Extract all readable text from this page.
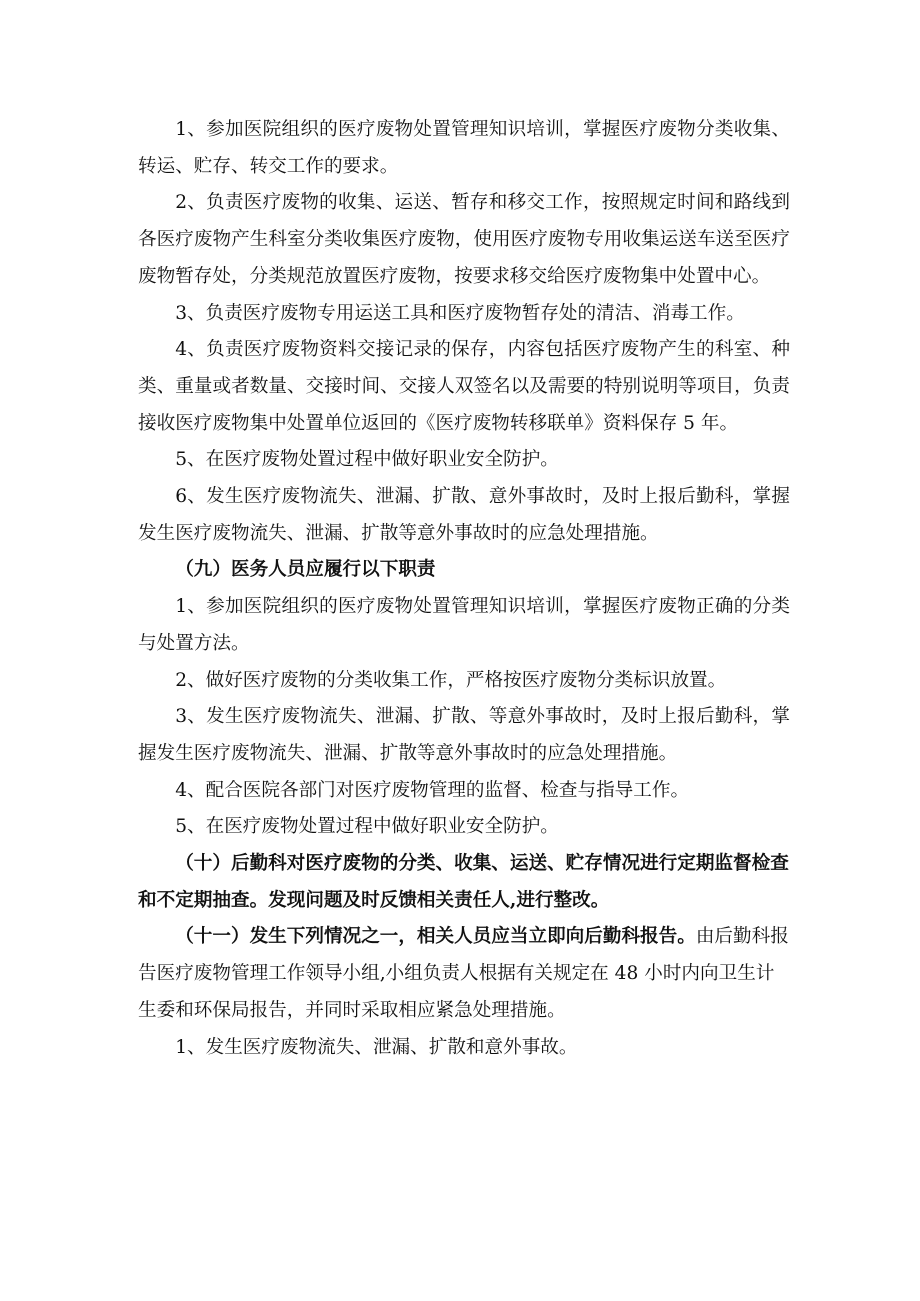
1、参加医院组织的医疗废物处置管理知识培训，掌握医疗废物分类收集、转运、贮存、转交工作的要求。

2、负责医疗废物的收集、运送、暂存和移交工作，按照规定时间和路线到各医疗废物产生科室分类收集医疗废物，使用医疗废物专用收集运送车送至医疗废物暂存处，分类规范放置医疗废物，按要求移交给医疗废物集中处置中心。

3、负责医疗废物专用运送工具和医疗废物暂存处的清洁、消毒工作。

4、负责医疗废物资料交接记录的保存，内容包括医疗废物产生的科室、种类、重量或者数量、交接时间、交接人双签名以及需要的特别说明等项目，负责接收医疗废物集中处置单位返回的《医疗废物转移联单》资料保存 5 年。

5、在医疗废物处置过程中做好职业安全防护。

6、发生医疗废物流失、泄漏、扩散、意外事故时，及时上报后勤科，掌握发生医疗废物流失、泄漏、扩散等意外事故时的应急处理措施。

（九）医务人员应履行以下职责

1、参加医院组织的医疗废物处置管理知识培训，掌握医疗废物正确的分类与处置方法。

2、做好医疗废物的分类收集工作，严格按医疗废物分类标识放置。

3、发生医疗废物流失、泄漏、扩散、等意外事故时，及时上报后勤科，掌握发生医疗废物流失、泄漏、扩散等意外事故时的应急处理措施。

4、配合医院各部门对医疗废物管理的监督、检查与指导工作。

5、在医疗废物处置过程中做好职业安全防护。

（十）后勤科对医疗废物的分类、收集、运送、贮存情况进行定期监督检查和不定期抽查。发现问题及时反馈相关责任人,进行整改。

（十一）发生下列情况之一，相关人员应当立即向后勤科报告。由后勤科报告医疗废物管理工作领导小组,小组负责人根据有关规定在 48 小时内向卫生计生委和环保局报告，并同时采取相应紧急处理措施。

1、发生医疗废物流失、泄漏、扩散和意外事故。
